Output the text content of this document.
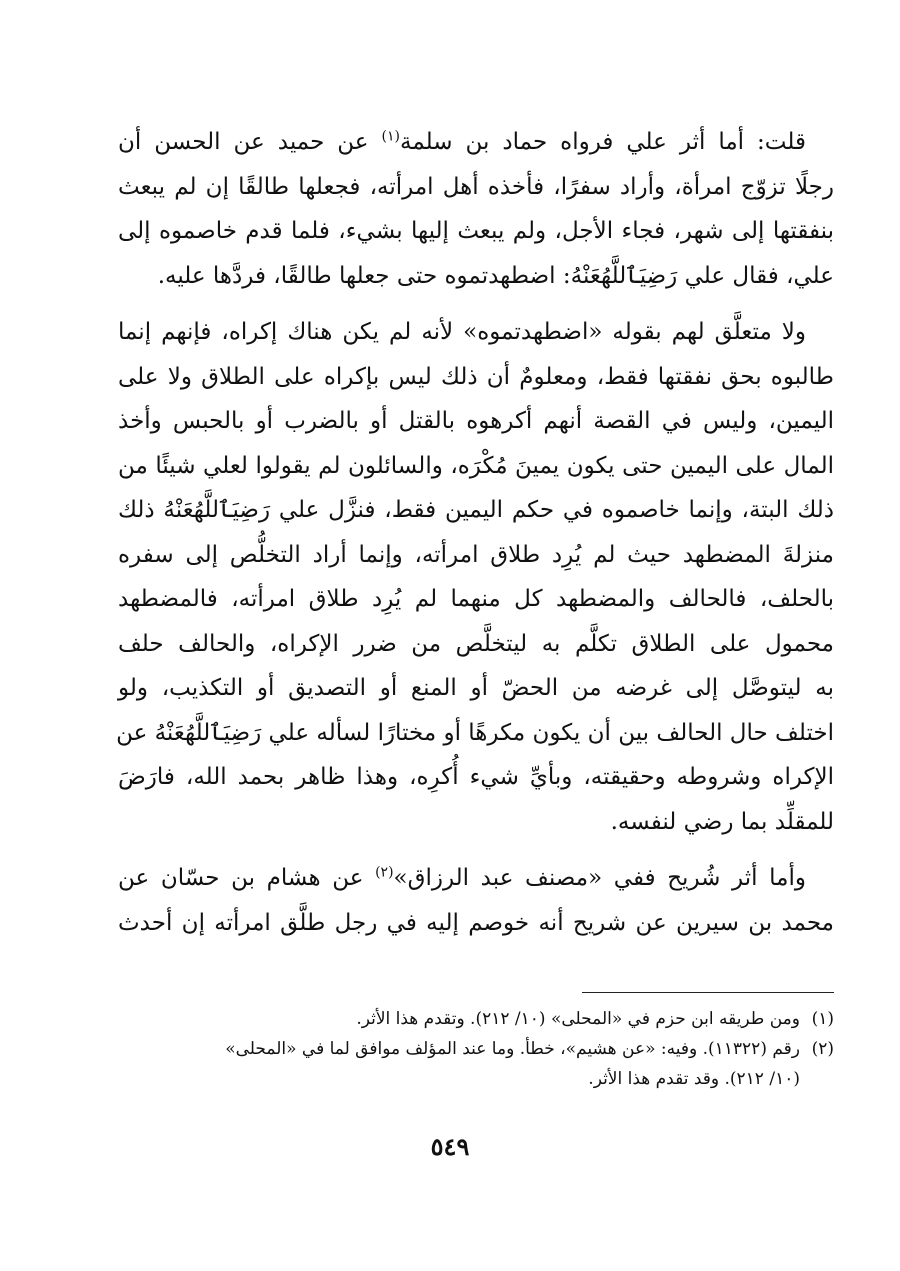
قلت: أما أثر علي فرواه حماد بن سلمة$^{(١)}$ عن حميد عن الحسن أن
رجلًا تزوّج امرأة، وأراد سفرًا، فأخذه أهل امرأته، فجعلها طالقًا إن لم يبعث
بنفقتها إلى شهر، فجاء الأجل، ولم يبعث إليها بشيء، فلما قدم خاصموه إلى
علي، فقال علي رَضِيَٱللَّهُعَنْهُ: اضطهدتموه حتى جعلها طالقًا، فردَّها عليه.

ولا متعلَّق لهم بقوله «اضطهدتموه» لأنه لم يكن هناك إكراه، فإنهم إنما
طالبوه بحق نفقتها فقط، ومعلومٌ أن ذلك ليس بإكراه على الطلاق ولا على
اليمين، وليس في القصة أنهم أكرهوه بالقتل أو بالضرب أو بالحبس وأخذ
المال على اليمين حتى يكون يمينَ مُكْرَه، والسائلون لم يقولوا لعلي شيئًا من
ذلك البتة، وإنما خاصموه في حكم اليمين فقط، فنزَّل علي رَضِيَٱللَّهُعَنْهُ ذلك
منزلةَ المضطهد حيث لم يُرِد طلاق امرأته، وإنما أراد التخلُّص إلى سفره
بالحلف، فالحالف والمضطهد كل منهما لم يُرِد طلاق امرأته، فالمضطهد
محمول على الطلاق تكلَّم به ليتخلَّص من ضرر الإكراه، والحالف حلف
به ليتوصَّل إلى غرضه من الحضّ أو المنع أو التصديق أو التكذيب، ولو
اختلف حال الحالف بين أن يكون مكرهًا أو مختارًا لسأله علي رَضِيَٱللَّهُعَنْهُ عن
الإكراه وشروطه وحقيقته، وبأيِّ شيء أُكرِه، وهذا ظاهر بحمد الله، فارَضَ
للمقلِّد بما رضي لنفسه.

وأما أثر شُريح ففي «مصنف عبد الرزاق»$^{(٢)}$ عن هشام بن حسّان عن
محمد بن سيرين عن شريح أنه خوصم إليه في رجل طلَّق امرأته إن أحدث

(١)ومن طريقه ابن حزم في «المحلى» (١٠/ ٢١٢). وتقدم هذا الأثر.

(٢)رقم (١١٣٢٢). وفيه: «عن هشيم»، خطأ. وما عند المؤلف موافق لما في «المحلى»
(١٠/ ٢١٢). وقد تقدم هذا الأثر.

٥٤٩
